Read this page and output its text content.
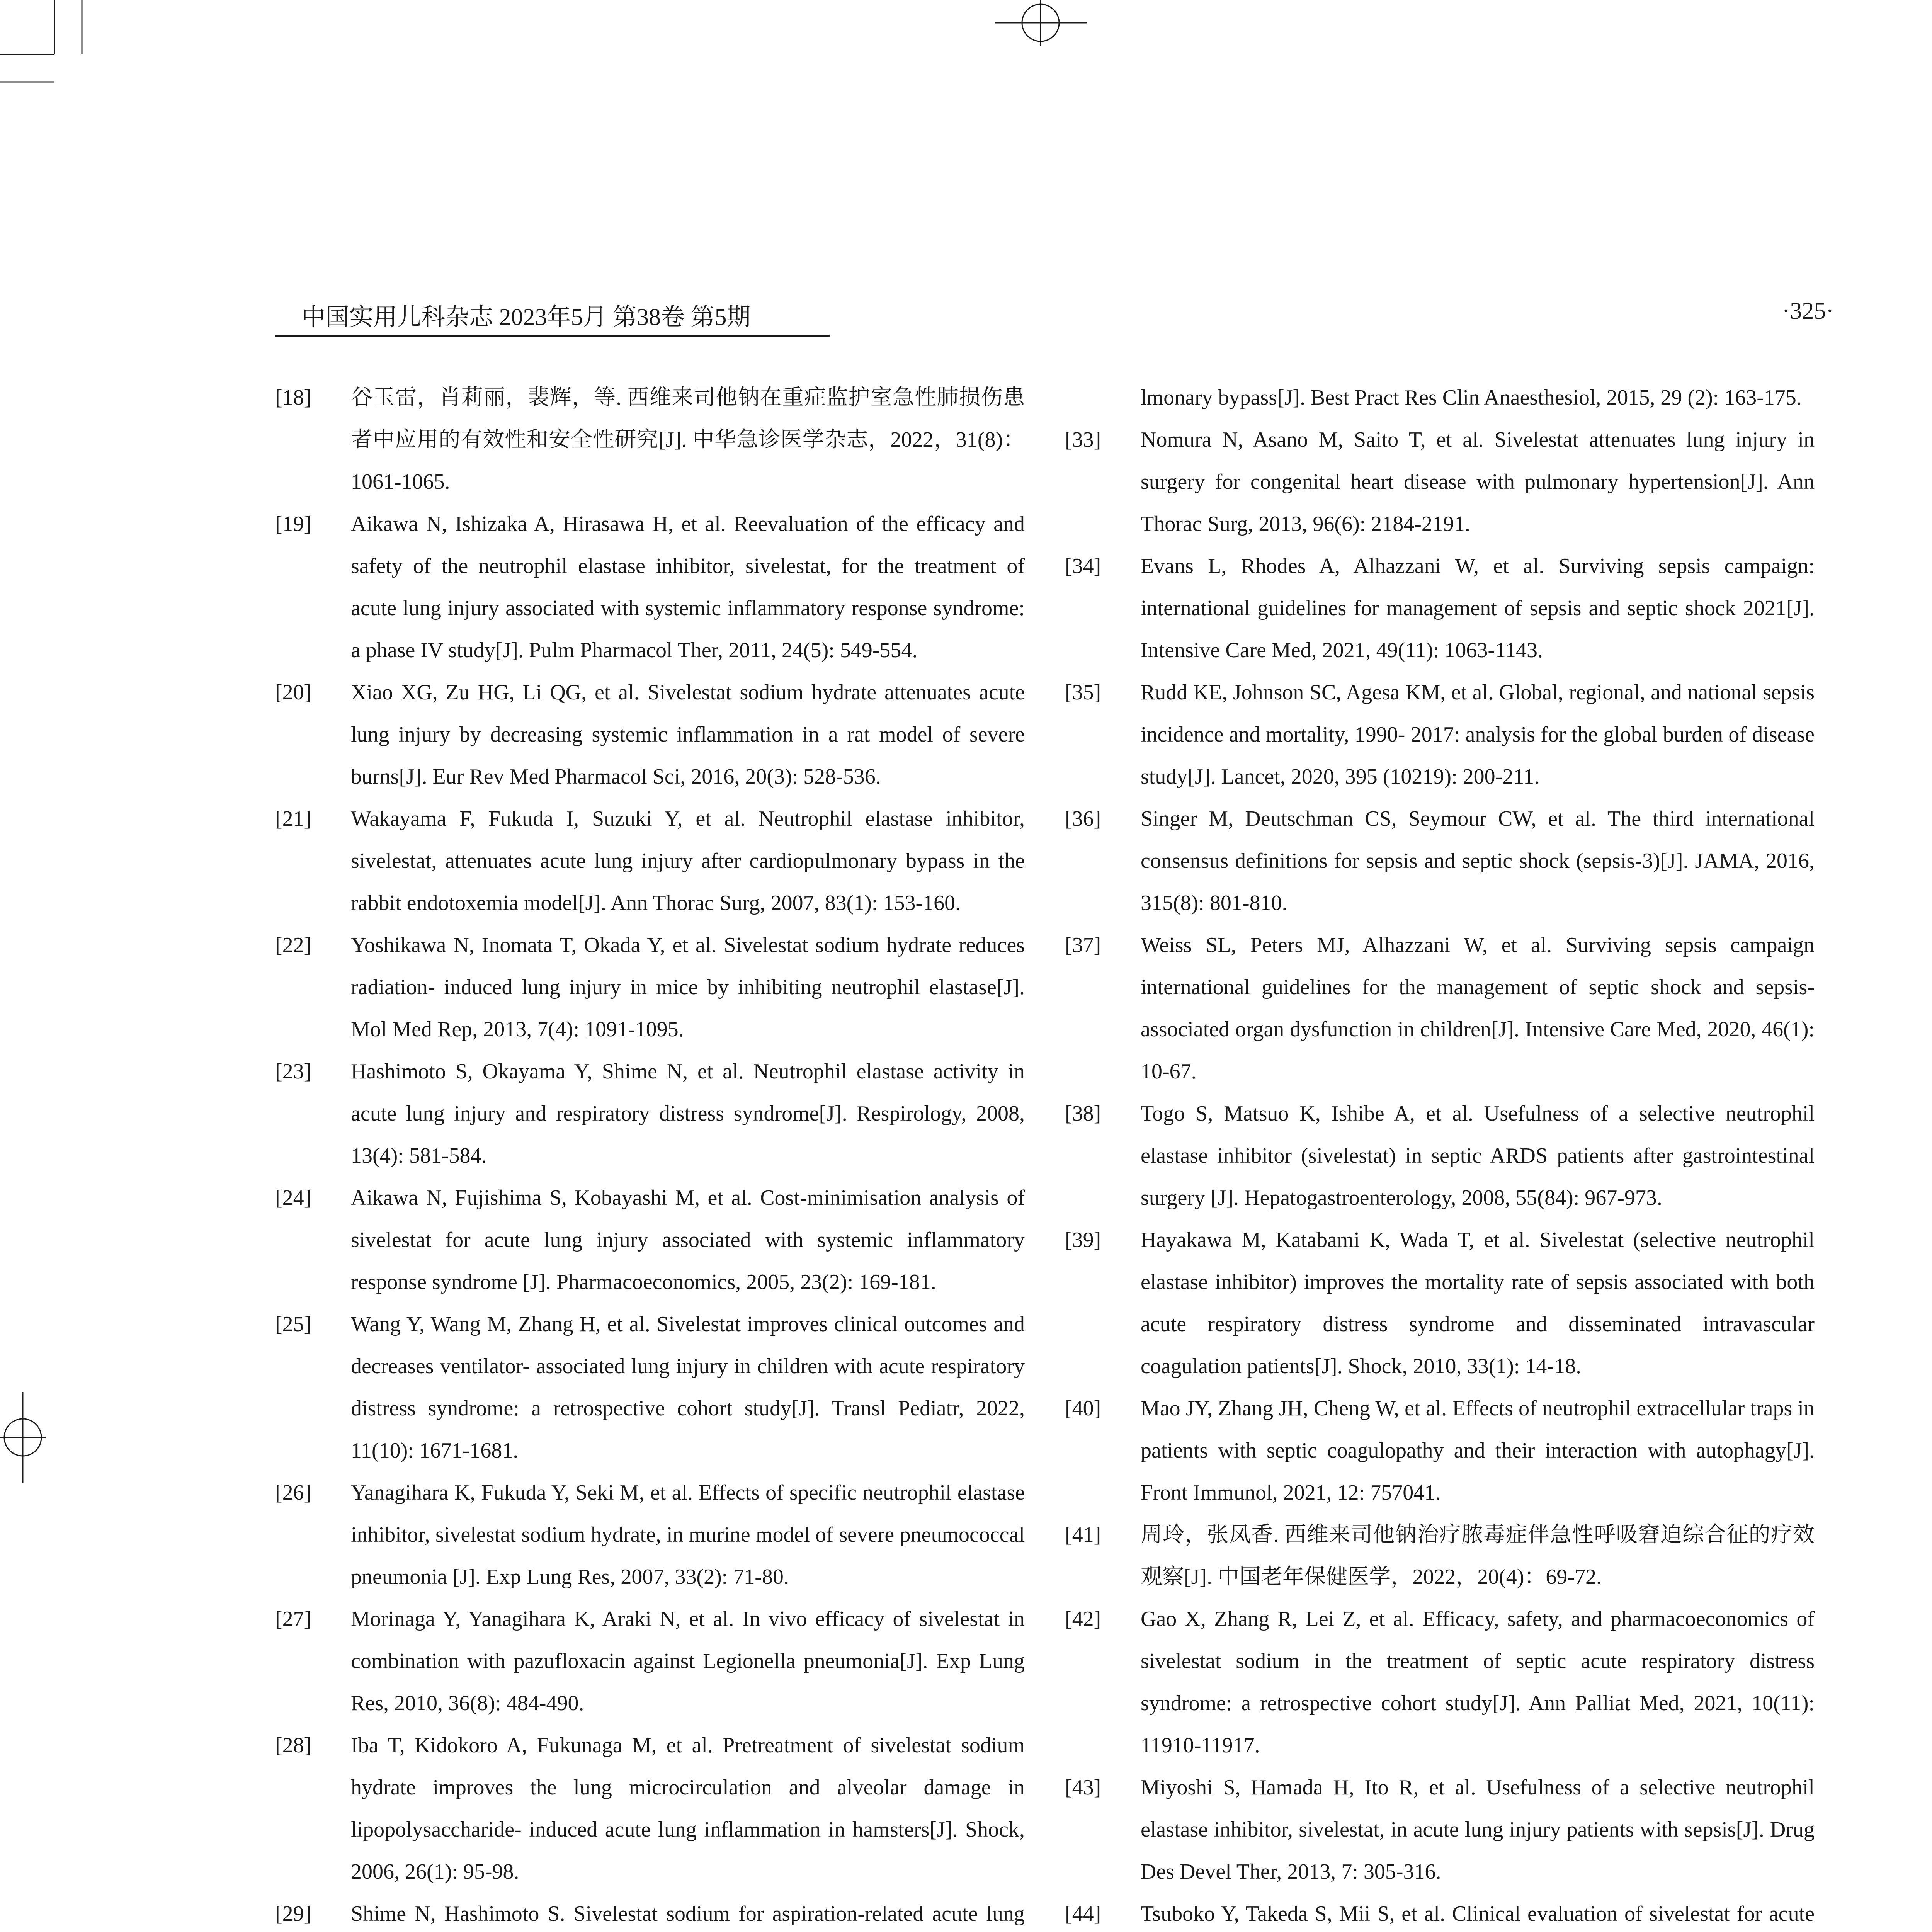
中国实用儿科杂志 2023年5月 第38卷 第5期	·325·
[18]	谷玉雷，肖莉丽，裴辉，等. 西维来司他钠在重症监护室急性肺损伤患者中应用的有效性和安全性研究[J]. 中华急诊医学杂志，2022，31(8)：1061-1065.
[19]	Aikawa N, Ishizaka A, Hirasawa H, et al. Reevaluation of the efficacy and safety of the neutrophil elastase inhibitor, sivelestat, for the treatment of acute lung injury associated with systemic inflammatory response syndrome: a phase IV study[J]. Pulm Pharmacol Ther, 2011, 24(5): 549-554.
[20]	Xiao XG, Zu HG, Li QG, et al. Sivelestat sodium hydrate attenuates acute lung injury by decreasing systemic inflammation in a rat model of severe burns[J]. Eur Rev Med Pharmacol Sci, 2016, 20(3): 528-536.
[21]	Wakayama F, Fukuda I, Suzuki Y, et al. Neutrophil elastase inhibitor, sivelestat, attenuates acute lung injury after cardiopulmonary bypass in the rabbit endotoxemia model[J]. Ann Thorac Surg, 2007, 83(1): 153-160.
[22]	Yoshikawa N, Inomata T, Okada Y, et al. Sivelestat sodium hydrate reduces radiation- induced lung injury in mice by inhibiting neutrophil elastase[J]. Mol Med Rep, 2013, 7(4): 1091-1095.
[23]	Hashimoto S, Okayama Y, Shime N, et al. Neutrophil elastase activity in acute lung injury and respiratory distress syndrome[J]. Respirology, 2008, 13(4): 581-584.
[24]	Aikawa N, Fujishima S, Kobayashi M, et al. Cost-minimisation analysis of sivelestat for acute lung injury associated with systemic inflammatory response syndrome [J]. Pharmacoeconomics, 2005, 23(2): 169-181.
[25]	Wang Y, Wang M, Zhang H, et al. Sivelestat improves clinical outcomes and decreases ventilator- associated lung injury in children with acute respiratory distress syndrome: a retrospective cohort study[J]. Transl Pediatr, 2022, 11(10): 1671-1681.
[26]	Yanagihara K, Fukuda Y, Seki M, et al. Effects of specific neutrophil elastase inhibitor, sivelestat sodium hydrate, in murine model of severe pneumococcal pneumonia [J]. Exp Lung Res, 2007, 33(2): 71-80.
[27]	Morinaga Y, Yanagihara K, Araki N, et al. In vivo efficacy of sivelestat in combination with pazufloxacin against Legionella pneumonia[J]. Exp Lung Res, 2010, 36(8): 484-490.
[28]	Iba T, Kidokoro A, Fukunaga M, et al. Pretreatment of sivelestat sodium hydrate improves the lung microcirculation and alveolar damage in lipopolysaccharide- induced acute lung inflammation in hamsters[J]. Shock, 2006, 26(1): 95-98.
[29]	Shime N, Hashimoto S. Sivelestat sodium for aspiration-related acute lung
lmonary bypass[J]. Best Pract Res Clin Anaesthesiol, 2015, 29 (2): 163-175.
[33]	Nomura N, Asano M, Saito T, et al. Sivelestat attenuates lung injury in surgery for congenital heart disease with pulmonary hypertension[J]. Ann Thorac Surg, 2013, 96(6): 2184-2191.
[34]	Evans L, Rhodes A, Alhazzani W, et al. Surviving sepsis campaign: international guidelines for management of sepsis and septic shock 2021[J]. Intensive Care Med, 2021, 49(11): 1063-1143.
[35]	Rudd KE, Johnson SC, Agesa KM, et al. Global, regional, and national sepsis incidence and mortality, 1990- 2017: analysis for the global burden of disease study[J]. Lancet, 2020, 395 (10219): 200-211.
[36]	Singer M, Deutschman CS, Seymour CW, et al. The third international consensus definitions for sepsis and septic shock (sepsis-3)[J]. JAMA, 2016, 315(8): 801-810.
[37]	Weiss SL, Peters MJ, Alhazzani W, et al. Surviving sepsis campaign international guidelines for the management of septic shock and sepsis-associated organ dysfunction in children[J]. Intensive Care Med, 2020, 46(1): 10-67.
[38]	Togo S, Matsuo K, Ishibe A, et al. Usefulness of a selective neutrophil elastase inhibitor (sivelestat) in septic ARDS patients after gastrointestinal surgery [J]. Hepatogastroenterology, 2008, 55(84): 967-973.
[39]	Hayakawa M, Katabami K, Wada T, et al. Sivelestat (selective neutrophil elastase inhibitor) improves the mortality rate of sepsis associated with both acute respiratory distress syndrome and disseminated intravascular coagulation patients[J]. Shock, 2010, 33(1): 14-18.
[40]	Mao JY, Zhang JH, Cheng W, et al. Effects of neutrophil extracellular traps in patients with septic coagulopathy and their interaction with autophagy[J]. Front Immunol, 2021, 12: 757041.
[41]	周玲，张凤香. 西维来司他钠治疗脓毒症伴急性呼吸窘迫综合征的疗效观察[J]. 中国老年保健医学，2022，20(4)：69-72.
[42]	Gao X, Zhang R, Lei Z, et al. Efficacy, safety, and pharmacoeconomics of sivelestat sodium in the treatment of septic acute respiratory distress syndrome: a retrospective cohort study[J]. Ann Palliat Med, 2021, 10(11): 11910-11917.
[43]	Miyoshi S, Hamada H, Ito R, et al. Usefulness of a selective neutrophil elastase inhibitor, sivelestat, in acute lung injury patients with sepsis[J]. Drug Des Devel Ther, 2013, 7: 305-316.
[44]	Tsuboko Y, Takeda S, Mii S, et al. Clinical evaluation of sivelestat for acute
